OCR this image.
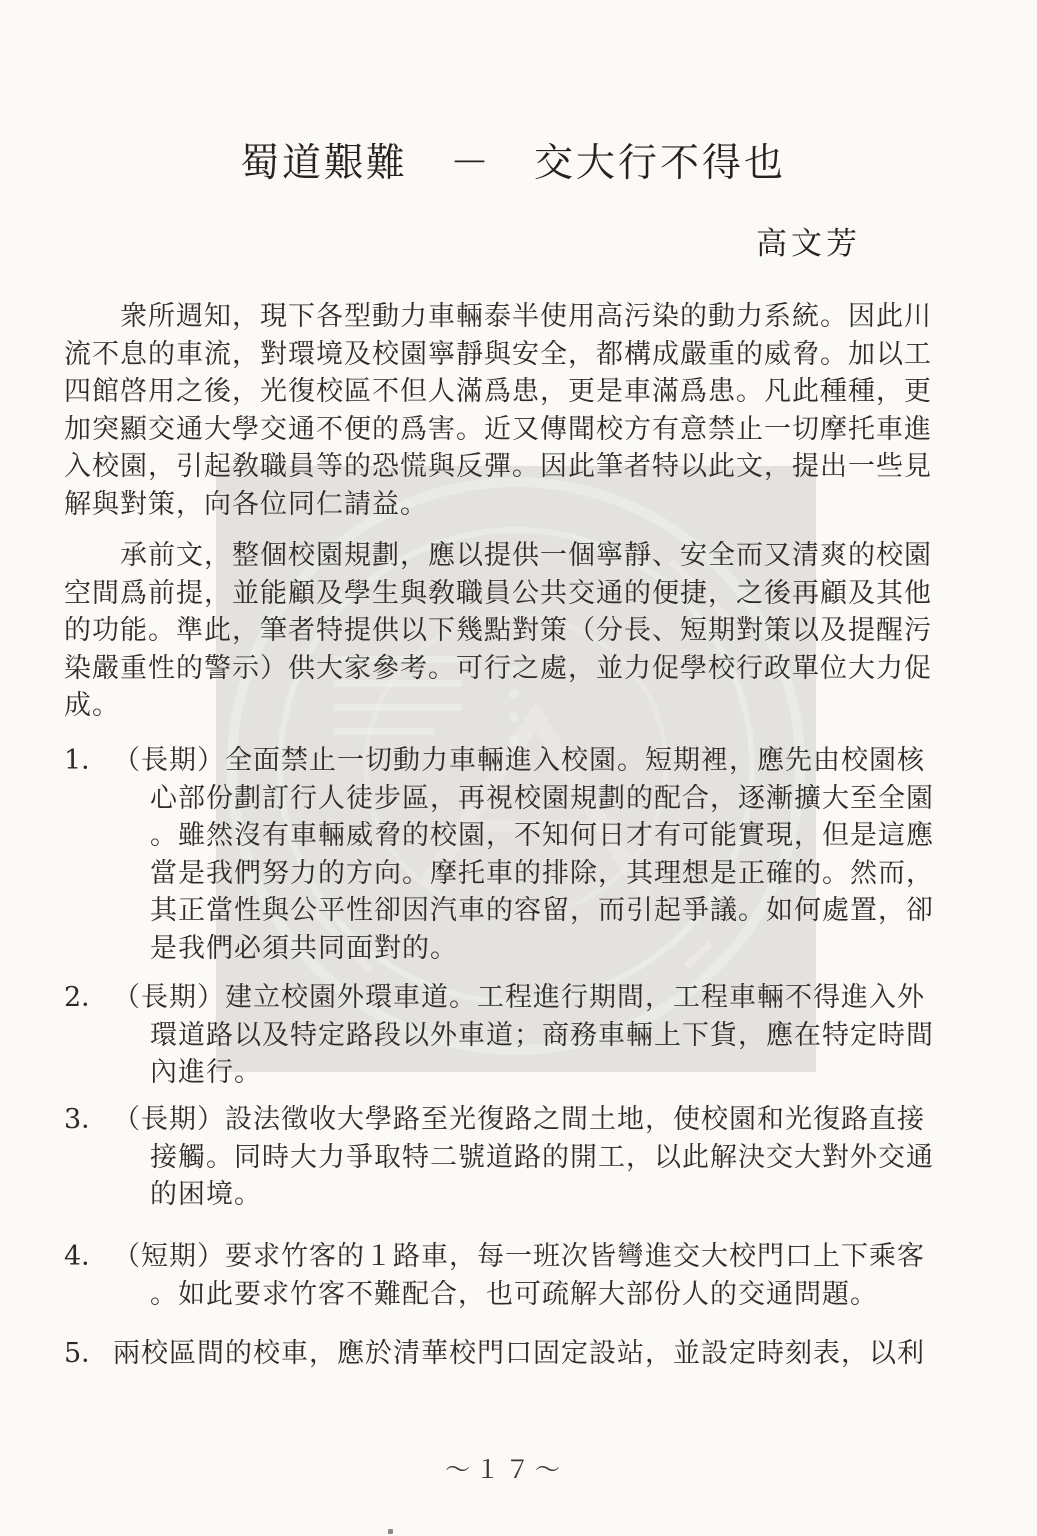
蜀道艱難　－　交大行不得也
高文芳
衆所週知，現下各型動力車輛泰半使用高污染的動力系統。因此川
流不息的車流，對環境及校園寧靜與安全，都構成嚴重的威脅。加以工
四館啓用之後，光復校區不但人滿爲患，更是車滿爲患。凡此種種，更
加突顯交通大學交通不便的爲害。近又傳聞校方有意禁止一切摩托車進
入校園，引起敎職員等的恐慌與反彈。因此筆者特以此文，提出一些見
解與對策，向各位同仁請益。
承前文，整個校園規劃，應以提供一個寧靜、安全而又清爽的校園
空間爲前提，並能顧及學生與敎職員公共交通的便捷，之後再顧及其他
的功能。準此，筆者特提供以下幾點對策（分長、短期對策以及提醒污
染嚴重性的警示）供大家參考。可行之處，並力促學校行政單位大力促
成。
1． （長期）全面禁止一切動力車輛進入校園。短期裡，應先由校園核
心部份劃訂行人徒步區，再視校園規劃的配合，逐漸擴大至全園
。雖然沒有車輛威脅的校園，不知何日才有可能實現，但是這應
當是我們努力的方向。摩托車的排除，其理想是正確的。然而，
其正當性與公平性卻因汽車的容留，而引起爭議。如何處置，卻
是我們必須共同面對的。
2． （長期）建立校園外環車道。工程進行期間，工程車輛不得進入外
環道路以及特定路段以外車道；商務車輛上下貨，應在特定時間
內進行。
3． （長期）設法徵收大學路至光復路之間土地，使校園和光復路直接
接觸。同時大力爭取特二號道路的開工，以此解決交大對外交通
的困境。
4． （短期）要求竹客的１路車，每一班次皆彎進交大校門口上下乘客
。如此要求竹客不難配合，也可疏解大部份人的交通問題。
5． 兩校區間的校車，應於清華校門口固定設站，並設定時刻表，以利
～１７～
